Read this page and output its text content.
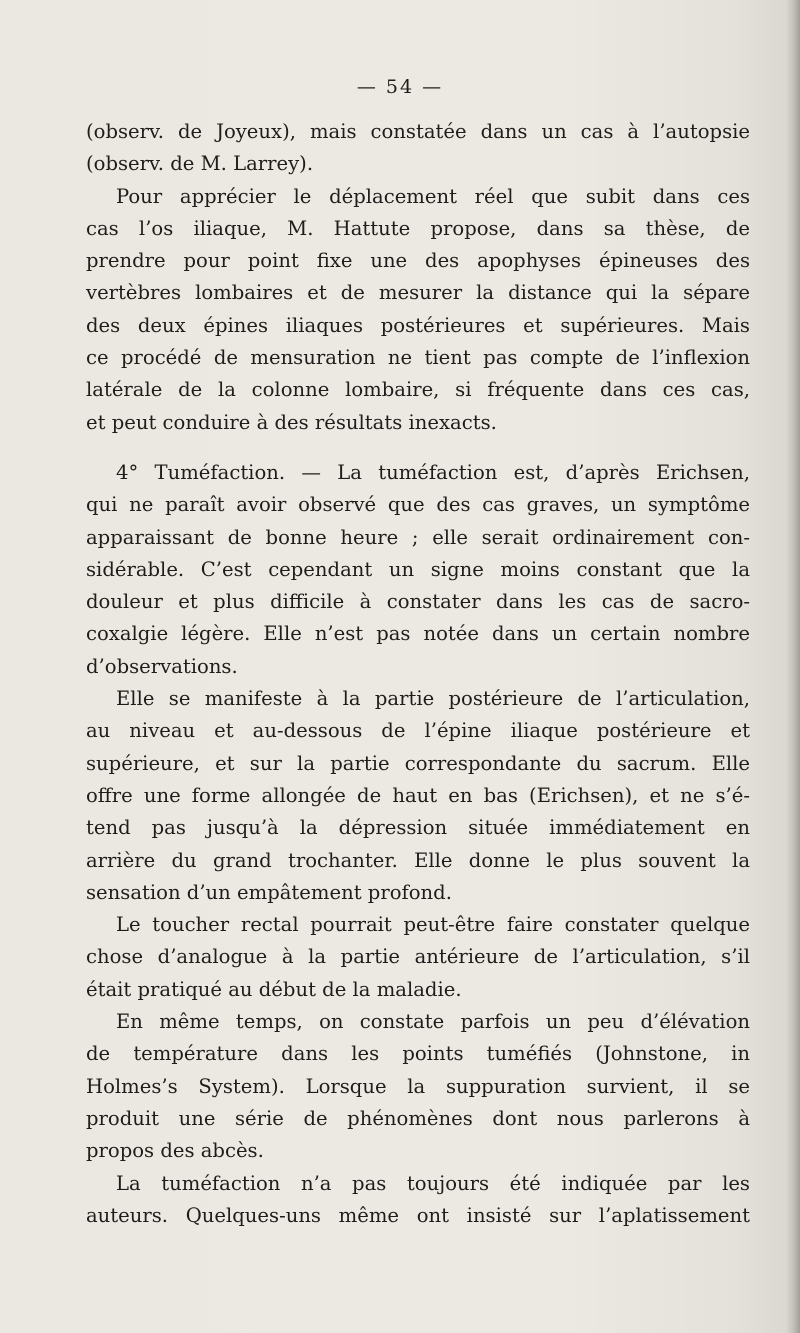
— 54 —
(observ. de Joyeux), mais constatée dans un cas à l’autopsie
(observ. de M. Larrey).
Pour apprécier le déplacement réel que subit dans ces
cas l’os iliaque, M. Hattute propose, dans sa thèse, de
prendre pour point fixe une des apophyses épineuses des
vertèbres lombaires et de mesurer la distance qui la sépare
des deux épines iliaques postérieures et supérieures. Mais
ce procédé de mensuration ne tient pas compte de l’inflexion
latérale de la colonne lombaire, si fréquente dans ces cas,
et peut conduire à des résultats inexacts.
4° Tuméfaction. — La tuméfaction est, d’après Erichsen,
qui ne paraît avoir observé que des cas graves, un symptôme
apparaissant de bonne heure ; elle serait ordinairement con-
sidérable. C’est cependant un signe moins constant que la
douleur et plus difficile à constater dans les cas de sacro-
coxalgie légère. Elle n’est pas notée dans un certain nombre
d’observations.
Elle se manifeste à la partie postérieure de l’articulation,
au niveau et au-dessous de l’épine iliaque postérieure et
supérieure, et sur la partie correspondante du sacrum. Elle
offre une forme allongée de haut en bas (Erichsen), et ne s’é-
tend pas jusqu’à la dépression située immédiatement en
arrière du grand trochanter. Elle donne le plus souvent la
sensation d’un empâtement profond.
Le toucher rectal pourrait peut-être faire constater quelque
chose d’analogue à la partie antérieure de l’articulation, s’il
était pratiqué au début de la maladie.
En même temps, on constate parfois un peu d’élévation
de température dans les points tuméfiés (Johnstone, in
Holmes’s System). Lorsque la suppuration survient, il se
produit une série de phénomènes dont nous parlerons à
propos des abcès.
La tuméfaction n’a pas toujours été indiquée par les
auteurs. Quelques-uns même ont insisté sur l’aplatissement
